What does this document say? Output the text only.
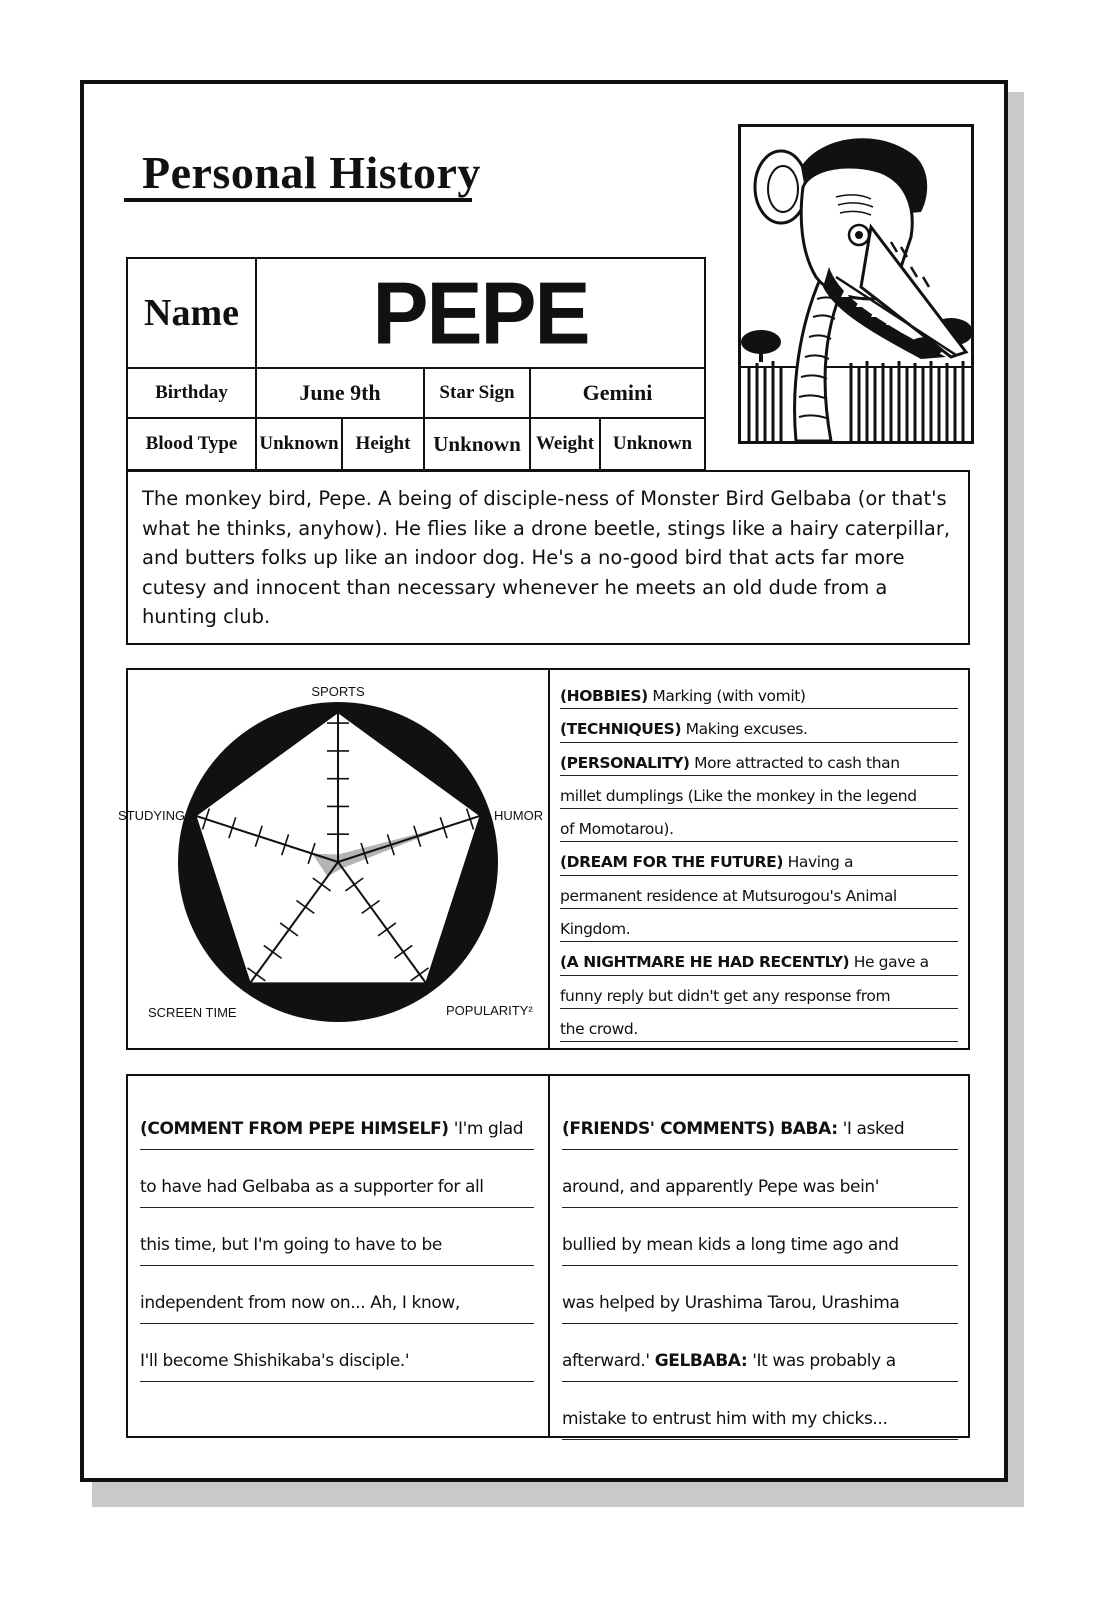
Personal History
Name	PEPE				
Birthday	June 9th		Star Sign	Gemini	
Blood Type	Unknown	Height	Unknown	Weight	Unknown
The monkey bird, Pepe. A being of disciple-ness of Monster Bird Gelbaba (or that's what he thinks, anyhow). He flies like a drone beetle, stings like a hairy caterpillar, and butters folks up like an indoor dog. He's a no-good bird that acts far more cutesy and innocent than necessary whenever he meets an old dude from a hunting club.
SPORTS
HUMOR
POPULARITY²
SCREEN TIME
STUDYING
(HOBBIES) Marking (with vomit)
(TECHNIQUES) Making excuses.
(PERSONALITY) More attracted to cash than
millet dumplings (Like the monkey in the legend
of Momotarou).
(DREAM FOR THE FUTURE) Having a
permanent residence at Mutsurogou's Animal
Kingdom.
(A NIGHTMARE HE HAD RECENTLY) He gave a
funny reply but didn't get any response from
the crowd.
(COMMENT FROM PEPE HIMSELF) 'I'm glad
to have had Gelbaba as a supporter for all
this time, but I'm going to have to be
independent from now on... Ah, I know,
I'll become Shishikaba's disciple.'
(FRIENDS' COMMENTS) BABA: 'I asked
around, and apparently Pepe was bein'
bullied by mean kids a long time ago and
was helped by Urashima Tarou, Urashima
afterward.' GELBABA: 'It was probably a
mistake to entrust him with my chicks...
